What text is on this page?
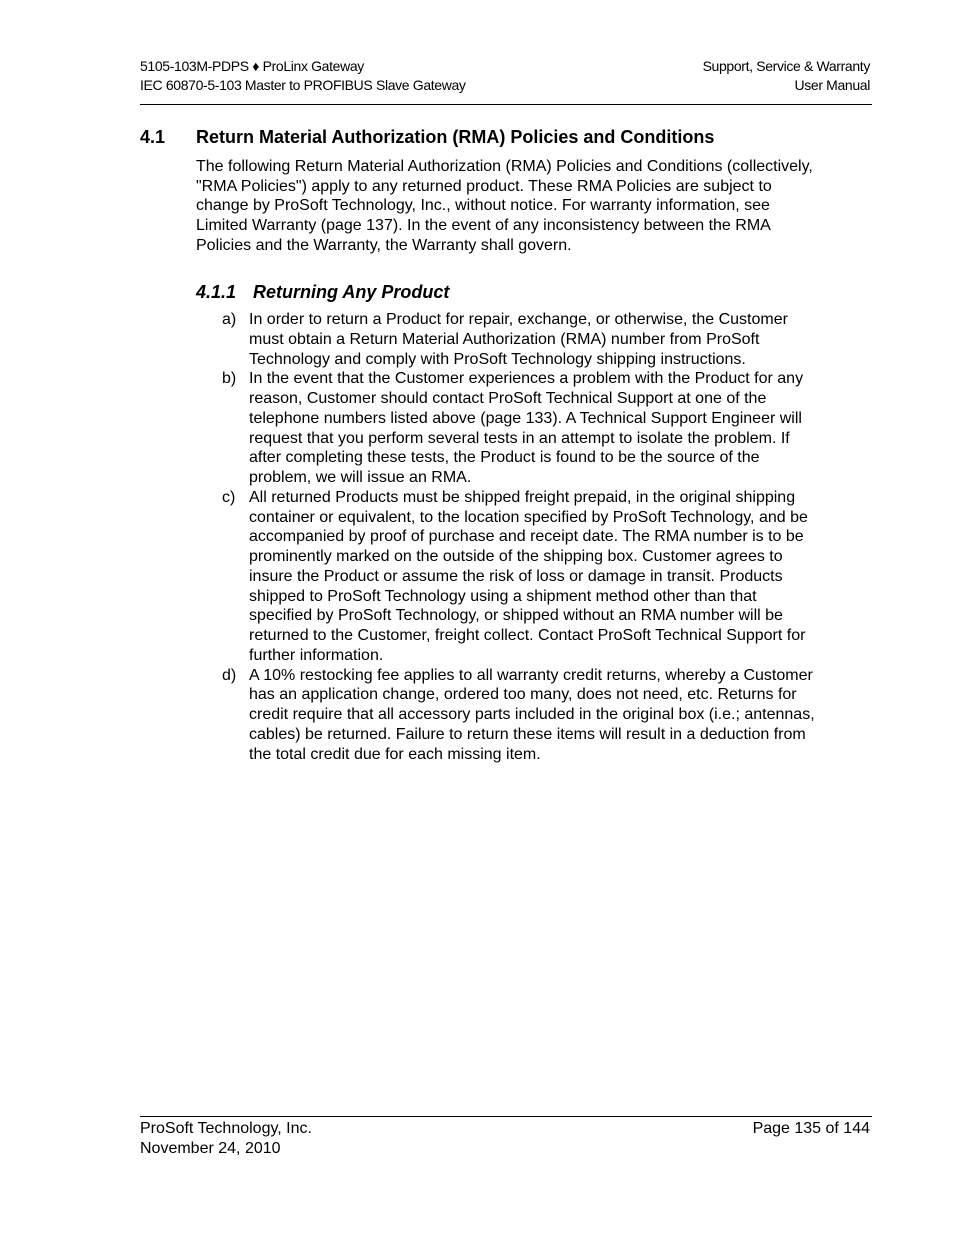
5105-103M-PDPS ♦ ProLinx Gateway
IEC 60870-5-103 Master to PROFIBUS Slave Gateway
Support, Service & Warranty
User Manual
4.1 Return Material Authorization (RMA) Policies and Conditions
The following Return Material Authorization (RMA) Policies and Conditions (collectively, "RMA Policies") apply to any returned product. These RMA Policies are subject to change by ProSoft Technology, Inc., without notice. For warranty information, see Limited Warranty (page 137). In the event of any inconsistency between the RMA Policies and the Warranty, the Warranty shall govern.
4.1.1 Returning Any Product
a) In order to return a Product for repair, exchange, or otherwise, the Customer must obtain a Return Material Authorization (RMA) number from ProSoft Technology and comply with ProSoft Technology shipping instructions.
b) In the event that the Customer experiences a problem with the Product for any reason, Customer should contact ProSoft Technical Support at one of the telephone numbers listed above (page 133). A Technical Support Engineer will request that you perform several tests in an attempt to isolate the problem. If after completing these tests, the Product is found to be the source of the problem, we will issue an RMA.
c) All returned Products must be shipped freight prepaid, in the original shipping container or equivalent, to the location specified by ProSoft Technology, and be accompanied by proof of purchase and receipt date. The RMA number is to be prominently marked on the outside of the shipping box. Customer agrees to insure the Product or assume the risk of loss or damage in transit. Products shipped to ProSoft Technology using a shipment method other than that specified by ProSoft Technology, or shipped without an RMA number will be returned to the Customer, freight collect. Contact ProSoft Technical Support for further information.
d) A 10% restocking fee applies to all warranty credit returns, whereby a Customer has an application change, ordered too many, does not need, etc. Returns for credit require that all accessory parts included in the original box (i.e.; antennas, cables) be returned. Failure to return these items will result in a deduction from the total credit due for each missing item.
ProSoft Technology, Inc.
November 24, 2010
Page 135 of 144
